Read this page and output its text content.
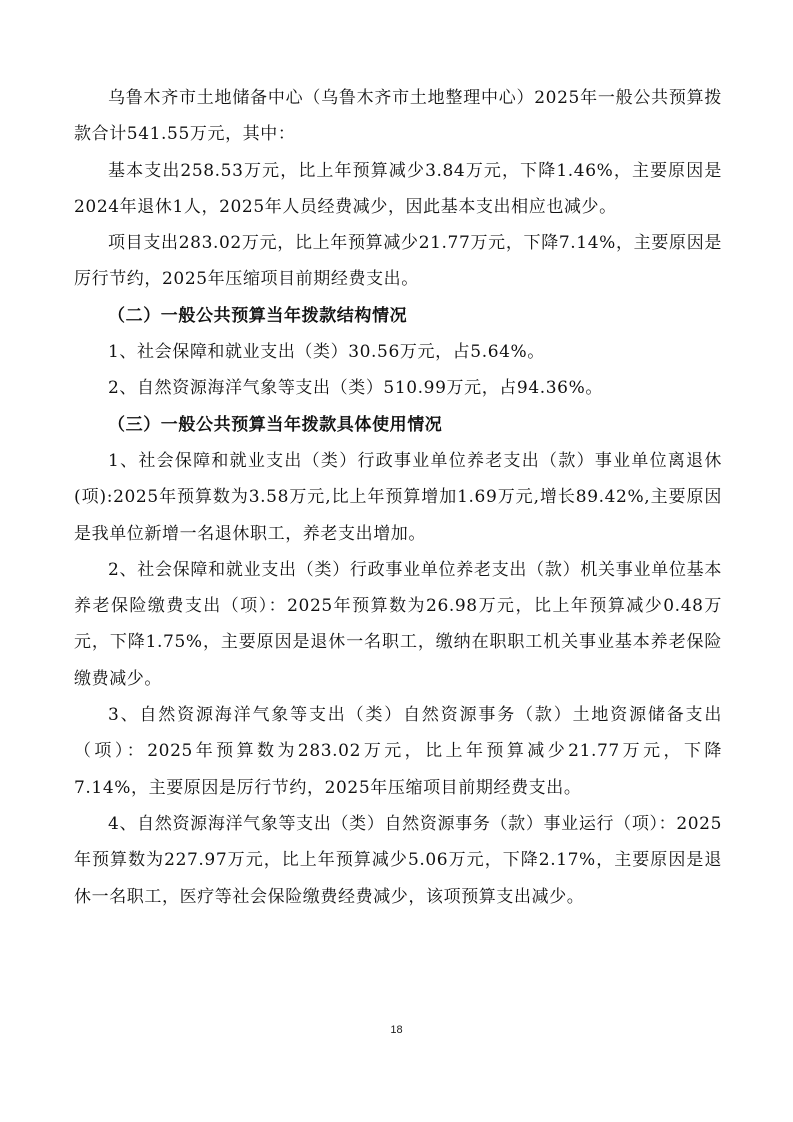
乌鲁木齐市土地储备中心（乌鲁木齐市土地整理中心）2025年一般公共预算拨款合计541.55万元，其中：

基本支出258.53万元，比上年预算减少3.84万元，下降1.46%，主要原因是2024年退休1人，2025年人员经费减少，因此基本支出相应也减少。

项目支出283.02万元，比上年预算减少21.77万元，下降7.14%，主要原因是厉行节约，2025年压缩项目前期经费支出。

（二）一般公共预算当年拨款结构情况

1、社会保障和就业支出（类）30.56万元，占5.64%。

2、自然资源海洋气象等支出（类）510.99万元，占94.36%。

（三）一般公共预算当年拨款具体使用情况

1、社会保障和就业支出（类）行政事业单位养老支出（款）事业单位离退休(项):2025年预算数为3.58万元,比上年预算增加1.69万元,增长89.42%,主要原因是我单位新增一名退休职工，养老支出增加。

2、社会保障和就业支出（类）行政事业单位养老支出（款）机关事业单位基本养老保险缴费支出（项）：2025年预算数为26.98万元，比上年预算减少0.48万元，下降1.75%，主要原因是退休一名职工，缴纳在职职工机关事业基本养老保险缴费减少。

3、自然资源海洋气象等支出（类）自然资源事务（款）土地资源储备支出（项）：2025年预算数为283.02万元，比上年预算减少21.77万元，下降7.14%，主要原因是厉行节约，2025年压缩项目前期经费支出。

4、自然资源海洋气象等支出（类）自然资源事务（款）事业运行（项）：2025年预算数为227.97万元，比上年预算减少5.06万元，下降2.17%，主要原因是退休一名职工，医疗等社会保险缴费经费减少，该项预算支出减少。

18
